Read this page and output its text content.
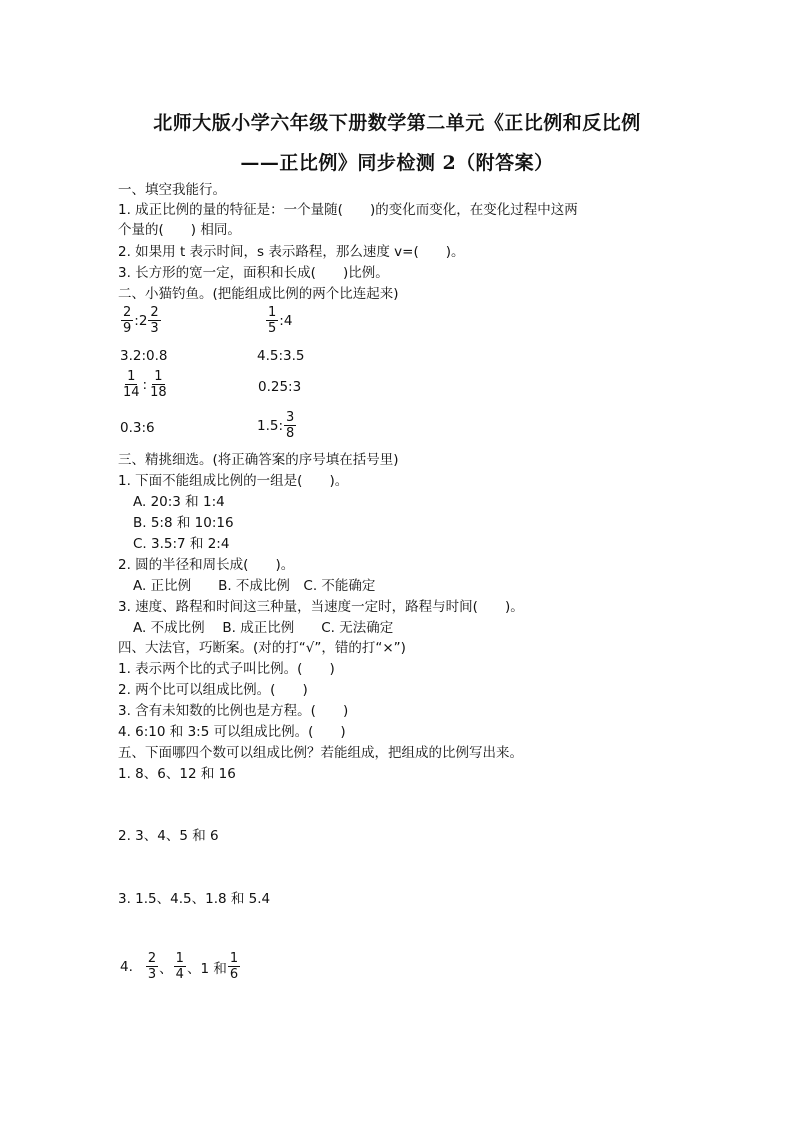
北师大版小学六年级下册数学第二单元《正比例和反比例
——正比例》同步检测 2（附答案）
一、填空我能行。
1. 成正比例的量的特征是：一个量随(　　)的变化而变化，在变化过程中这两
个量的(　　) 相同。
2. 如果用 t 表示时间，s 表示路程，那么速度 v=(　　)。
3. 长方形的宽一定，面积和长成(　　)比例。
二、小猫钓鱼。(把能组成比例的两个比连起来)
$\frac{2}{9}$ :2 $\frac{2}{3}$	$\frac{1}{5}$ :4
3.2:0.8	4.5:3.5
$\frac{1}{14}$ : $\frac{1}{18}$	0.25:3
0.3:6	1.5: $\frac{3}{8}$
三、精挑细选。(将正确答案的序号填在括号里)
1. 下面不能组成比例的一组是(　　)。
A. 20:3 和 1:4
B. 5:8 和 10:16
C. 3.5:7 和 2:4
2. 圆的半径和周长成(　　)。
A. 正比例　　B. 不成比例　C. 不能确定
3. 速度、路程和时间这三种量，当速度一定时，路程与时间(　　)。
A. 不成比例　 B. 成正比例　　C. 无法确定
四、大法官，巧断案。(对的打“√”，错的打“×”)
1. 表示两个比的式子叫比例。(　　)
2. 两个比可以组成比例。(　　)
3. 含有未知数的比例也是方程。(　　)
4. 6:10 和 3:5 可以组成比例。(　　)
五、下面哪四个数可以组成比例？若能组成，把组成的比例写出来。
1. 8、6、12 和 16
2. 3、4、5 和 6
3. 1.5、4.5、1.8 和 5.4
4. $\frac{2}{3}$ 、 $\frac{1}{4}$ 、1 和 $\frac{1}{6}$
